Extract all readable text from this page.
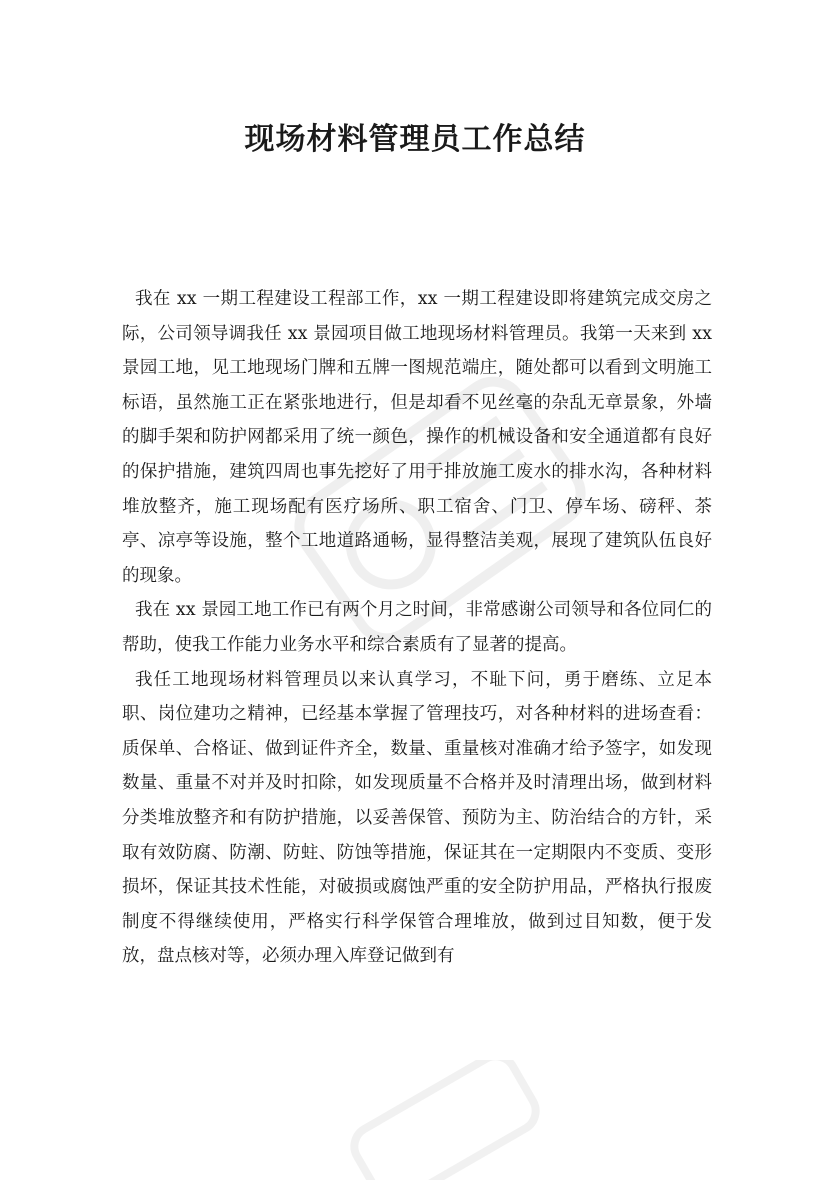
现场材料管理员工作总结

我在 xx 一期工程建设工程部工作，xx 一期工程建设即将建筑完成交房之际，公司领导调我任 xx 景园项目做工地现场材料管理员。我第一天来到 xx 景园工地，见工地现场门牌和五牌一图规范端庄，随处都可以看到文明施工标语，虽然施工正在紧张地进行，但是却看不见丝毫的杂乱无章景象，外墙的脚手架和防护网都采用了统一颜色，操作的机械设备和安全通道都有良好的保护措施，建筑四周也事先挖好了用于排放施工废水的排水沟，各种材料堆放整齐，施工现场配有医疗场所、职工宿舍、门卫、停车场、磅秤、茶亭、凉亭等设施，整个工地道路通畅，显得整洁美观，展现了建筑队伍良好的现象。

我在 xx 景园工地工作已有两个月之时间，非常感谢公司领导和各位同仁的帮助，使我工作能力业务水平和综合素质有了显著的提高。

我任工地现场材料管理员以来认真学习，不耻下问，勇于磨练、立足本职、岗位建功之精神，已经基本掌握了管理技巧，对各种材料的进场查看：质保单、合格证、做到证件齐全，数量、重量核对准确才给予签字，如发现数量、重量不对并及时扣除，如发现质量不合格并及时清理出场，做到材料分类堆放整齐和有防护措施，以妥善保管、预防为主、防治结合的方针，采取有效防腐、防潮、防蛀、防蚀等措施，保证其在一定期限内不变质、变形损坏，保证其技术性能，对破损或腐蚀严重的安全防护用品，严格执行报废制度不得继续使用，严格实行科学保管合理堆放，做到过目知数，便于发放，盘点核对等，必须办理入库登记做到有
